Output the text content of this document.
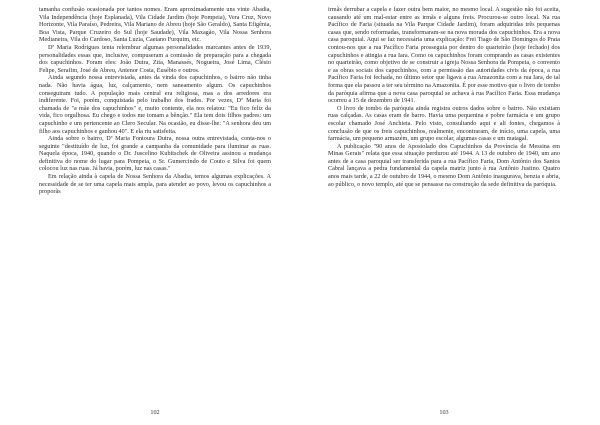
tamanha confusão ocasionada por tantos nomes. Eram aproximadamente uns vinte Abadia, Vila Independência (hoje Esplanada), Vila Cidade Jardim (hoje Pompeia), Vera Cruz, Novo Horizonte, Vila Paraíso, Pedreira, Vila Mariano de Abreu (hoje São Geraldo), Santa Efigênia, Boa Vista, Parque Cruzeiro do Sul (hoje Saudade), Vila Maxagão, Vila Nossa Senhora Medianeira, Vila do Cardoso, Santa Luzia, Caetano Furquim, etc.

Dª Maria Rodrigues tenta relembrar algumas personalidades marcantes antes de 1939, personalidades essas que, inclusive, compuseram a comissão de preparação para a chegada dos capuchinhos. Foram eles: João Dutra, Zita, Manassés, Nogueira, José Lima, Clésio Felipe, Serafim, José de Abreu, Antenor Costa, Eusébio e outros.

Ainda segundo nossa entrevistada, antes da vinda dos capuchinhos, o bairro não tinha nada. Não havia água, luz, calçamento, nem saneamento algum. Os capuchinhos conseguiram tudo. A população mais central era religiosa, mas a dos arredores era indiferente. Foi, porém, conquistada pelo trabalho dos frades. Por vezes, Dª Maria foi chamada de "a mãe dos capuchinhos" e, muito contente, ela nos relatou: "Eu fico feliz da vida, fico orgulhosa. Eu chego e todos me tomam a bênção." Ela tem dois filhos padres: um capuchinho e um pertencente ao Clero Secular. Na ocasião, eu disse-lhe: "A senhora deu um filho aos capuchinhos e ganhou 40". E ela riu satisfeita.

Ainda sobre o bairro, Dª Maria Fontoura Dutra, nossa outra entrevistada, conta-nos o seguinte "destituído de luz, foi grande a campanha da comunidade para iluminar as ruas. Naquela época, 1940, quando o Dr. Juscelino Kubitschek de Oliveira assinou a mudança definitiva do nome do lugar para Pompeia, o Sr. Gumercindo de Couto e Silva foi quem colocou luz nas ruas. Já havia, porém, luz nas casas."

Em relação ainda à capela de Nossa Senhora da Abadia, temos algumas explicações. A necessidade de se ter uma capela mais ampla, para atender ao povo, levou os capuchinhos a proporãs

102

irmãs derrubar a capela e fazer outra bem maior, no mesmo local. A sugestão não foi aceita, causando até um mal-estar entre as irmãs e alguns freis. Procurou-se outro local. Na rua Pacífico de Faria (situada na Vila Parque Cidade Jardim), foram adquiridas três pequenas casas que, sendo reformadas, transformaram-se na nova morada dos capuchinhos. Era a nova casa paroquial. Aqui se faz necessária uma explicação: Frei Tiago de São Domingos do Prata contou-nos que a rua Pacífico Faria prosseguia por dentro do quarteirão (hoje fechado) dos capuchinhos e atingia a rua Iara. Como os capuchinhos foram comprando as casas existentes no quarteirão, como objetivo de se construir a igreja Nossa Senhora da Pompeia, o convento e as obras sociais dos capuchinhos, com a permissão das autoridades civis da época, a rua Pacífico Faria foi fechada, no último setor que ligava a rua Amazonita com a rua Iara, de tal forma que ela passou a ter seu término na Amazonita. É por esse motivo que o livro de tombo da paróquia afirma que a nova casa paroquial se achava à rua Pacífico Faria. Essa mudança ocorreu a 15 de dezembro de 1941.

O livro de tombo da paróquia ainda registra outros dados sobre o bairro. Não existiam ruas calçadas. As casas eram de barro. Havia uma pequenina e pobre farmácia e um grupo escolar chamado José Anchieta. Pelo visto, consultando aqui e ali fontes, chegamos à conclusão de que os freis capuchinhos, realmente, encontraram, de início, uma capela, uma farmácia, um pequeno armazém, um grupo escolar, algumas casas e um matagal.

A publicação "90 anos de Apostolado dos Capuchinhos da Província de Messina em Minas Gerais" relata que essa situação perdurou até 1944. A 13 de outubro de 1940, um ano antes de a casa paroquial ser transferida para a rua Pacífico Faria, Dom Antônio dos Santos Cabral lançava a pedra fundamental da capela matriz junto à rua Antônio Justino. Quatro anos mais tarde, a 22 de outubro de 1944, o mesmo Dom Antônio inaugurava, benzia e abria, ao público, o novo templo, até que se pensasse na construção da sede definitiva da paróquia.

103
